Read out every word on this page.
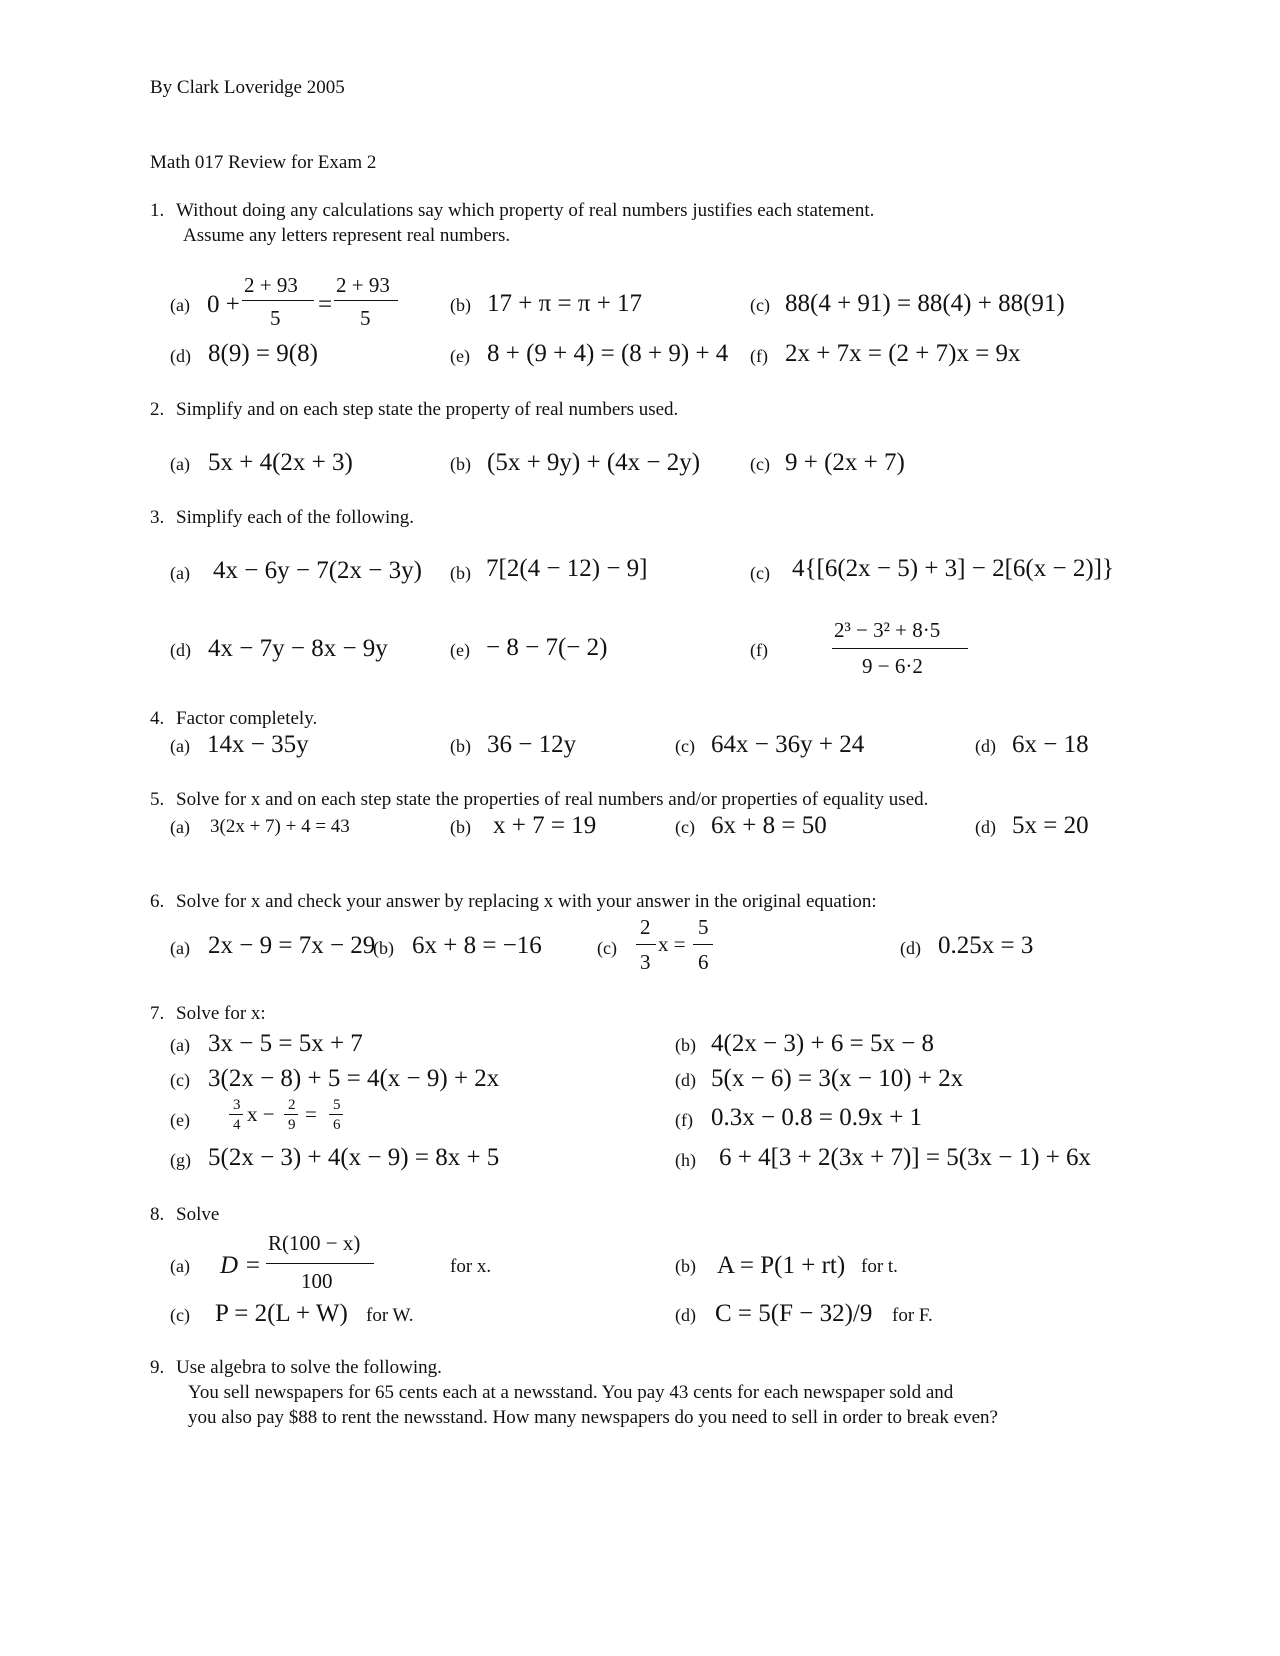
By Clark Loveridge 2005
Math 017 Review for Exam 2
1. Without doing any calculations say which property of real numbers justifies each statement.
Assume any letters represent real numbers.
(a) 0 +
2 + 93
5 =
2 + 93
5
(b) 17 + π = π + 17	(c) 88(4 + 91) = 88(4) + 88(91)
(d) 8(9) = 9(8)	(e) 8 + (9 + 4) = (8 + 9) + 4 (f) 2x + 7x = (2 + 7)x = 9x
2. Simplify and on each step state the property of real numbers used.
(a) 5x + 4(2x + 3)	(b) (5x + 9y) + (4x − 2y)	(c) 9 + (2x + 7)
3. Simplify each of the following.
(a) 4x − 6y − 7(2x − 3y) (b) 7[2(4 − 12) − 9]	(c) 4{[6(2x − 5) + 3] − 2[6(x − 2)]}
(d) 4x − 7y − 8x − 9y	(e) − 8 − 7(− 2)	(f)
2³ − 3² + 8·5
9 − 6·2
4. Factor completely.
(a) 14x − 35y	(b) 36 − 12y	(c) 64x − 36y + 24	(d) 6x − 18
5. Solve for x and on each step state the properties of real numbers and/or properties of equality used.
(a) 3(2x + 7) + 4 = 43	(b) x + 7 = 19	(c) 6x + 8 = 50	(d) 5x = 20
6. Solve for x and check your answer by replacing x with your answer in the original equation:
(a) 2x − 9 = 7x − 29
(b) 6x + 8 = −16	(c)
2
3
x =
5
6
(d) 0.25x = 3
7. Solve for x:
(a) 3x − 5 = 5x + 7	(b) 4(2x − 3) + 6 = 5x − 8
(c) 3(2x − 8) + 5 = 4(x − 9) + 2x	(d) 5(x − 6) = 3(x − 10) + 2x
(e)
3
4 x − 2
9 = 5
6	(f) 0.3x − 0.8 = 0.9x + 1
(g) 5(2x − 3) + 4(x − 9) = 8x + 5	(h) 6 + 4[3 + 2(3x + 7)] = 5(3x − 1) + 6x
8. Solve
(a) D =
R(100 − x)
100
for x.	(b) A = P(1 + rt) for t.
(c) P = 2(L + W) for W.	(d) C = 5(F − 32)/9 for F.
9. Use algebra to solve the following.
You sell newspapers for 65 cents each at a newsstand. You pay 43 cents for each newspaper sold and
you also pay $88 to rent the newsstand. How many newspapers do you need to sell in order to break even?
